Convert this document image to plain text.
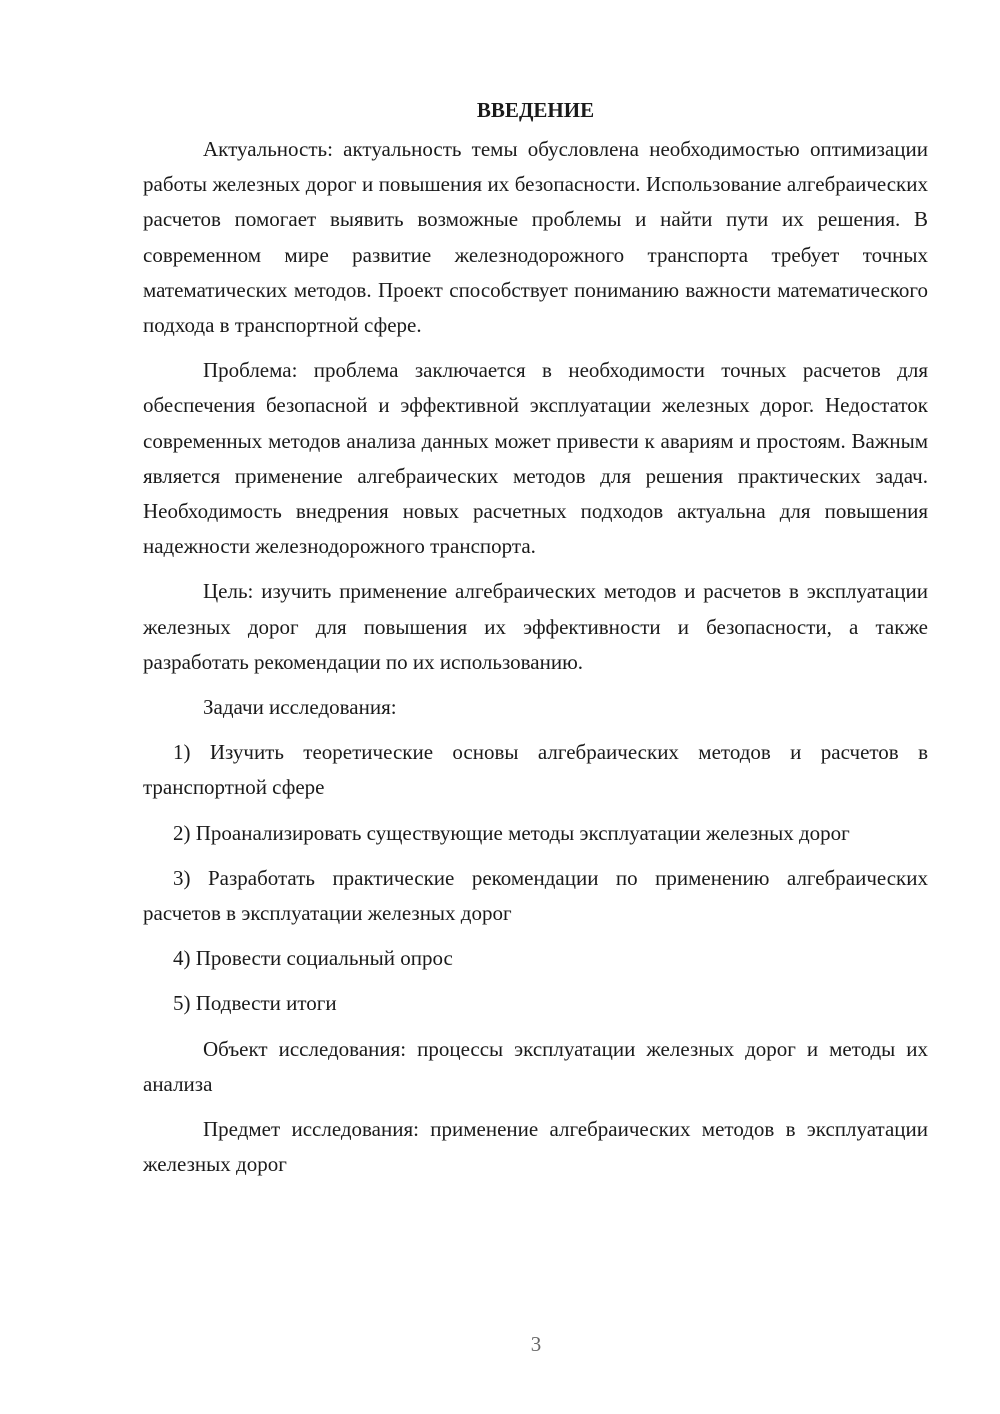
ВВЕДЕНИЕ

Актуальность: актуальность темы обусловлена необходимостью оптимизации работы железных дорог и повышения их безопасности. Использование алгебраических расчетов помогает выявить возможные проблемы и найти пути их решения. В современном мире развитие железнодорожного транспорта требует точных математических методов. Проект способствует пониманию важности математического подхода в транспортной сфере.

Проблема: проблема заключается в необходимости точных расчетов для обеспечения безопасной и эффективной эксплуатации железных дорог. Недостаток современных методов анализа данных может привести к авариям и простоям. Важным является применение алгебраических методов для решения практических задач. Необходимость внедрения новых расчетных подходов актуальна для повышения надежности железнодорожного транспорта.

Цель: изучить применение алгебраических методов и расчетов в эксплуатации железных дорог для повышения их эффективности и безопасности, а также разработать рекомендации по их использованию.

Задачи исследования:

1) Изучить теоретические основы алгебраических методов и расчетов в транспортной сфере

2) Проанализировать существующие методы эксплуатации железных дорог

3) Разработать практические рекомендации по применению алгебраических расчетов в эксплуатации железных дорог

4) Провести социальный опрос

5) Подвести итоги

Объект исследования: процессы эксплуатации железных дорог и методы их анализа

Предмет исследования: применение алгебраических методов в эксплуатации железных дорог

3
